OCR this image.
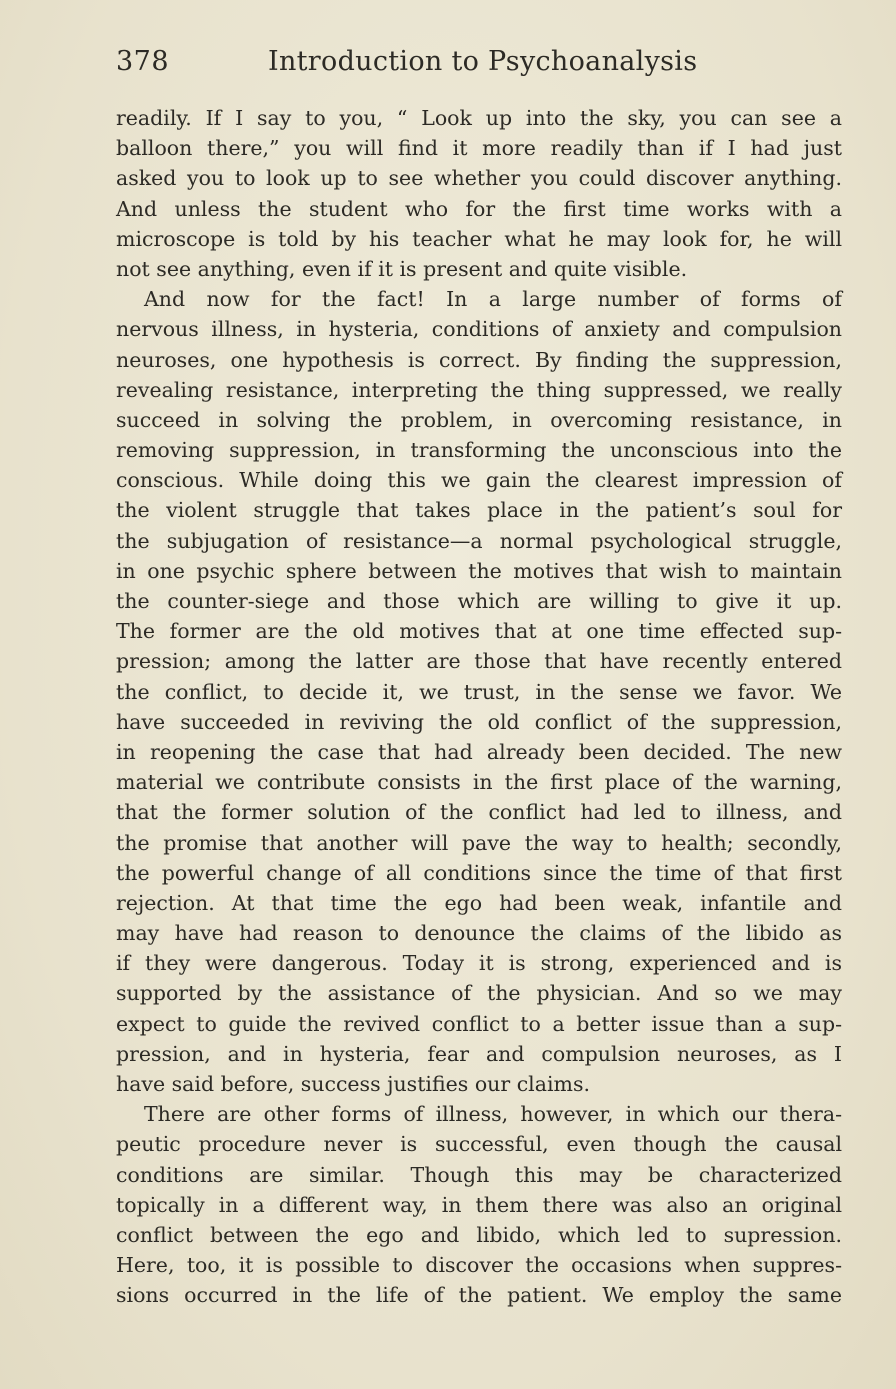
378	Introduction to Psychoanalysis
readily. If I say to you, “ Look up into the sky, you can see a
balloon there,” you will find it more readily than if I had just
asked you to look up to see whether you could discover anything.
And unless the student who for the first time works with a
microscope is told by his teacher what he may look for, he will
not see anything, even if it is present and quite visible.
And now for the fact! In a large number of forms of
nervous illness, in hysteria, conditions of anxiety and compulsion
neuroses, one hypothesis is correct. By finding the suppression,
revealing resistance, interpreting the thing suppressed, we really
succeed in solving the problem, in overcoming resistance, in
removing suppression, in transforming the unconscious into the
conscious. While doing this we gain the clearest impression of
the violent struggle that takes place in the patient’s soul for
the subjugation of resistance—a normal psychological struggle,
in one psychic sphere between the motives that wish to maintain
the counter-siege and those which are willing to give it up.
The former are the old motives that at one time effected sup-
pression; among the latter are those that have recently entered
the conflict, to decide it, we trust, in the sense we favor. We
have succeeded in reviving the old conflict of the suppression,
in reopening the case that had already been decided. The new
material we contribute consists in the first place of the warning,
that the former solution of the conflict had led to illness, and
the promise that another will pave the way to health; secondly,
the powerful change of all conditions since the time of that first
rejection. At that time the ego had been weak, infantile and
may have had reason to denounce the claims of the libido as
if they were dangerous. Today it is strong, experienced and is
supported by the assistance of the physician. And so we may
expect to guide the revived conflict to a better issue than a sup-
pression, and in hysteria, fear and compulsion neuroses, as I
have said before, success justifies our claims.
There are other forms of illness, however, in which our thera-
peutic procedure never is successful, even though the causal
conditions are similar. Though this may be characterized
topically in a different way, in them there was also an original
conflict between the ego and libido, which led to supression.
Here, too, it is possible to discover the occasions when suppres-
sions occurred in the life of the patient. We employ the same
